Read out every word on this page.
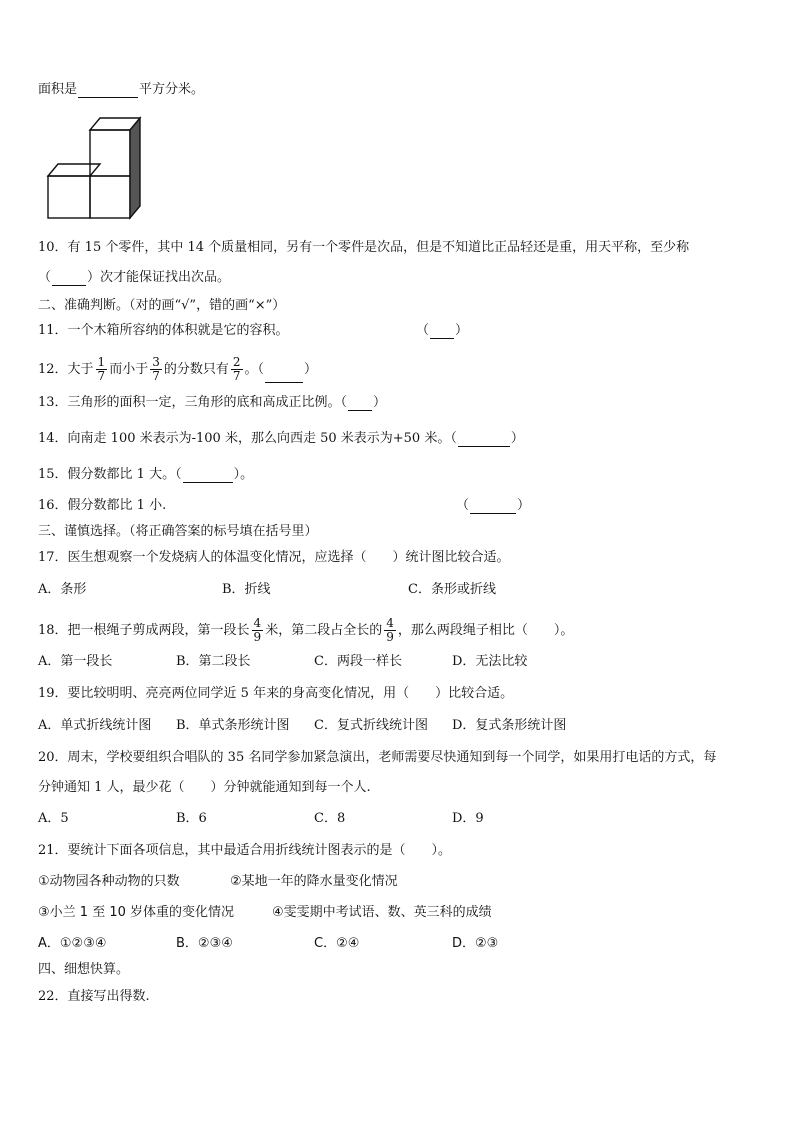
面积是	平方分米。
10．有 15 个零件，其中 14 个质量相同，另有一个零件是次品，但是不知道比正品轻还是重，用天平称，至少称
（	）次才能保证找出次品。
二、准确判断。（对的画“√”，错的画“×”）
11．一个木箱所容纳的体积就是它的容积。	（ ）
12．大于 $\frac{1}{7}$ 而小于 $\frac{3}{7}$ 的分数只有 $\frac{2}{7}$ 。（	）
13．三角形的面积一定，三角形的底和高成正比例。（ ）
14．向南走 100 米表示为-100 米，那么向西走 50 米表示为+50 米。（	）
15．假分数都比 1 大。（	）。
16．假分数都比 1 小.	（	）
三、谨慎选择。（将正确答案的标号填在括号里）
17．医生想观察一个发烧病人的体温变化情况，应选择（　　）统计图比较合适。
A．条形	B．折线	C．条形或折线
18．把一根绳子剪成两段，第一段长 $\frac{4}{9}$ 米，第二段占全长的 $\frac{4}{9}$ ，那么两段绳子相比（　　）。
A．第一段长	B．第二段长	C．两段一样长	D．无法比较
19．要比较明明、亮亮两位同学近 5 年来的身高变化情况，用（　　）比较合适。
A．单式折线统计图 B．单式条形统计图 C．复式折线统计图 D．复式条形统计图
20．周末，学校要组织合唱队的 35 名同学参加紧急演出，老师需要尽快通知到每一个同学，如果用打电话的方式，每
分钟通知 1 人，最少花（　　）分钟就能通知到每一个人.
A．5	B．6	C．8	D．9
21．要统计下面各项信息，其中最适合用折线统计图表示的是（　　）。
①动物园各种动物的只数	②某地一年的降水量变化情况
③小兰 1 至 10 岁体重的变化情况	④雯雯期中考试语、数、英三科的成绩
A．①②③④	B．②③④	C．②④	D．②③
四、细想快算。
22．直接写出得数.
